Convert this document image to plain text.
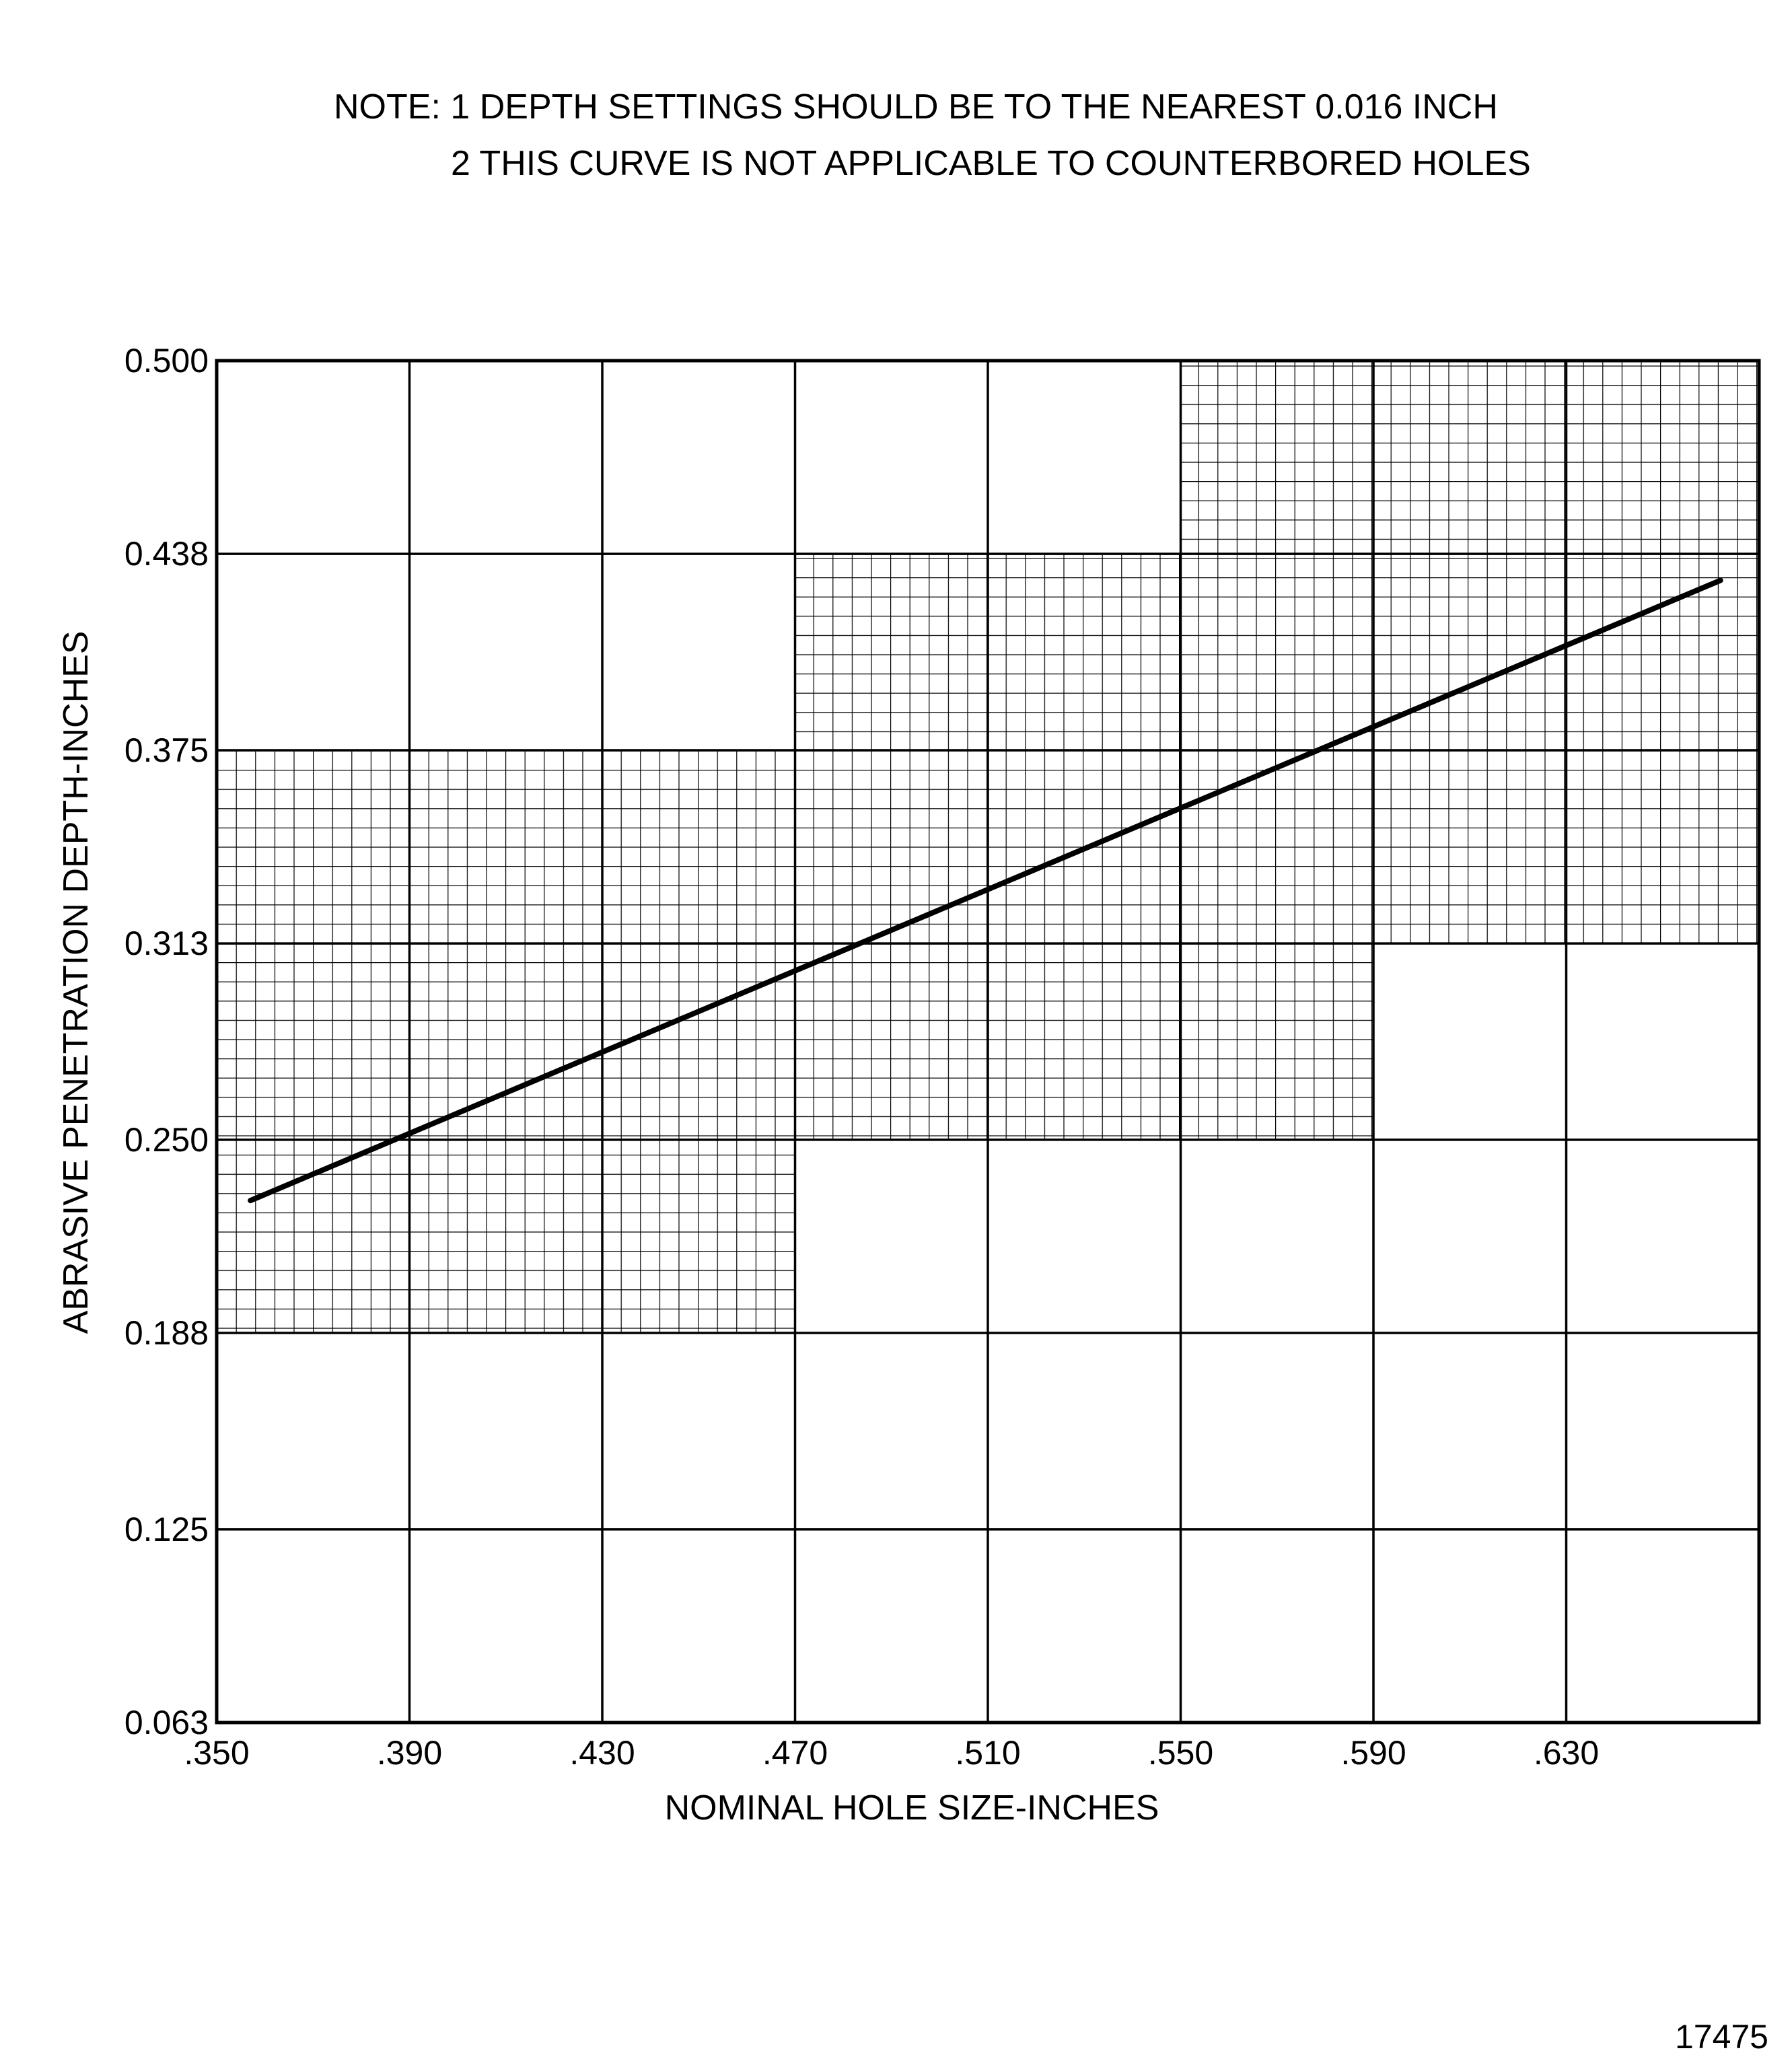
NOTE: 1 DEPTH SETTINGS SHOULD BE TO THE NEAREST 0.016 INCH
2 THIS CURVE IS NOT APPLICABLE TO COUNTERBORED HOLES
0.500
0.438
0.375
0.313
0.250
0.188
0.125
0.063
.350	.390	.430	.470	.510	.550	.590	.630
NOMINAL HOLE SIZE-INCHES
ABRASIVE PENETRATION DEPTH-INCHES
17475
